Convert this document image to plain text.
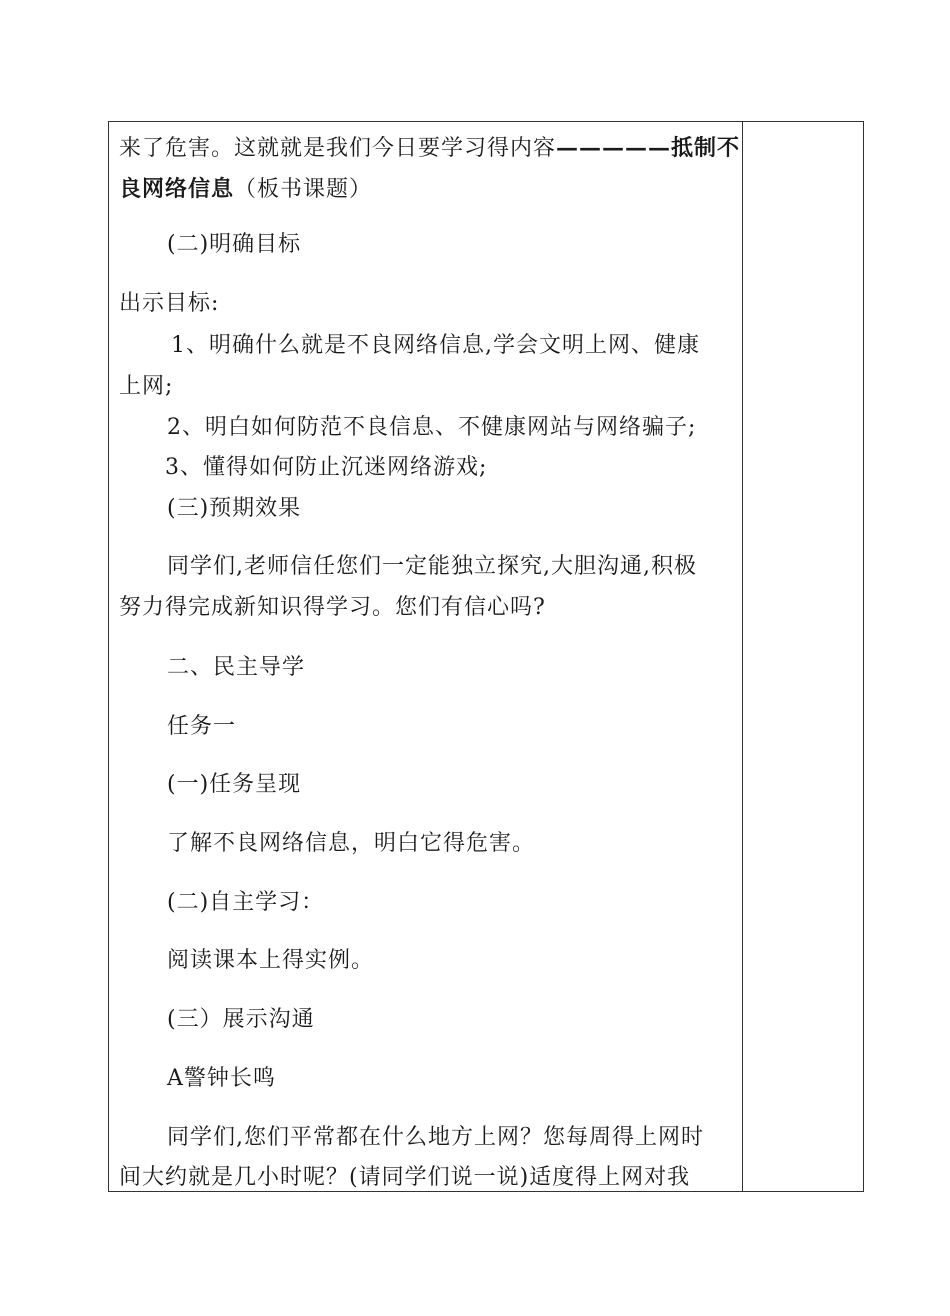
来了危害。这就就是我们今日要学习得内容—————抵制不
良网络信息（板书课题）
(二)明确目标
出示目标:
1、明确什么就是不良网络信息,学会文明上网、健康
上网;
2、明白如何防范不良信息、不健康网站与网络骗子;
3、懂得如何防止沉迷网络游戏;
(三)预期效果
同学们,老师信任您们一定能独立探究,大胆沟通,积极
努力得完成新知识得学习。您们有信心吗?
二、民主导学
任务一
(一)任务呈现
了解不良网络信息，明白它得危害。
(二)自主学习：
阅读课本上得实例。
(三）展示沟通
A警钟长鸣
同学们,您们平常都在什么地方上网？您每周得上网时
间大约就是几小时呢？(请同学们说一说)适度得上网对我
